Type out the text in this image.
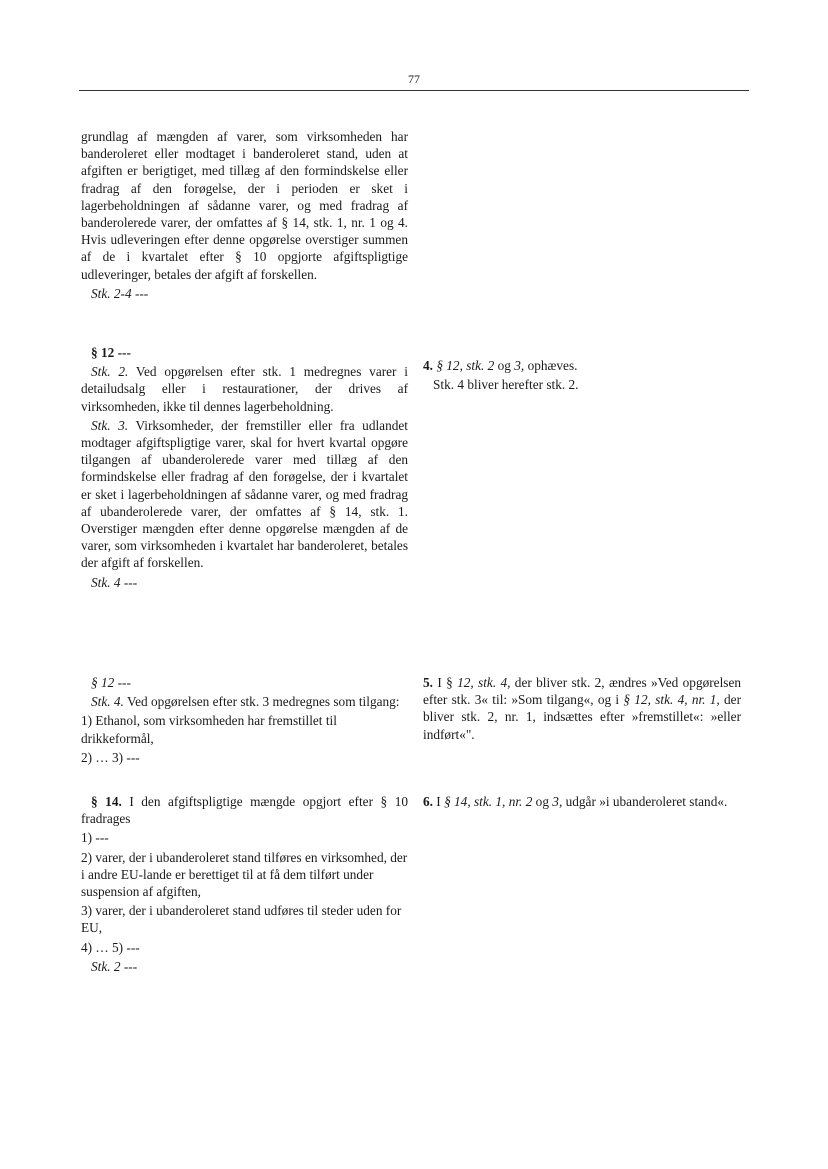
77

grundlag af mængden af varer, som virksomheden har banderoleret eller modtaget i banderoleret stand, uden at afgiften er berigtiget, med tillæg af den formindskelse eller fradrag af den forøgelse, der i perioden er sket i lagerbeholdningen af sådanne varer, og med fradrag af banderolerede varer, der omfattes af § 14, stk. 1, nr. 1 og 4. Hvis udleveringen efter denne opgørelse overstiger summen af de i kvartalet efter § 10 opgjorte afgiftspligtige udleveringer, betales der afgift af forskellen.

Stk. 2-4 ---

§ 12 ---

Stk. 2. Ved opgørelsen efter stk. 1 medregnes varer i detailudsalg eller i restaurationer, der drives af virksomheden, ikke til dennes lagerbeholdning.

Stk. 3. Virksomheder, der fremstiller eller fra udlandet modtager afgiftspligtige varer, skal for hvert kvartal opgøre tilgangen af ubanderolerede varer med tillæg af den formindskelse eller fradrag af den forøgelse, der i kvartalet er sket i lagerbeholdningen af sådanne varer, og med fradrag af ubanderolerede varer, der omfattes af § 14, stk. 1. Overstiger mængden efter denne opgørelse mængden af de varer, som virksomheden i kvartalet har banderoleret, betales der afgift af forskellen.

Stk. 4 ---

4. § 12, stk. 2 og 3, ophæves.

Stk. 4 bliver herefter stk. 2.

§ 12 ---

Stk. 4. Ved opgørelsen efter stk. 3 medregnes som tilgang:

1) Ethanol, som virksomheden har fremstillet til drikkeformål,

2) … 3) ---

5. I § 12, stk. 4, der bliver stk. 2, ændres »Ved opgørelsen efter stk. 3« til: »Som tilgang«, og i § 12, stk. 4, nr. 1, der bliver stk. 2, nr. 1, indsættes efter »fremstillet«: »eller indført«".

§ 14. I den afgiftspligtige mængde opgjort efter § 10 fradrages

1) ---

2) varer, der i ubanderoleret stand tilføres en virksomhed, der i andre EU-lande er berettiget til at få dem tilført under suspension af afgiften,

3) varer, der i ubanderoleret stand udføres til steder uden for EU,

4) … 5) ---

Stk. 2 ---

6. I § 14, stk. 1, nr. 2 og 3, udgår »i ubanderoleret stand«.
